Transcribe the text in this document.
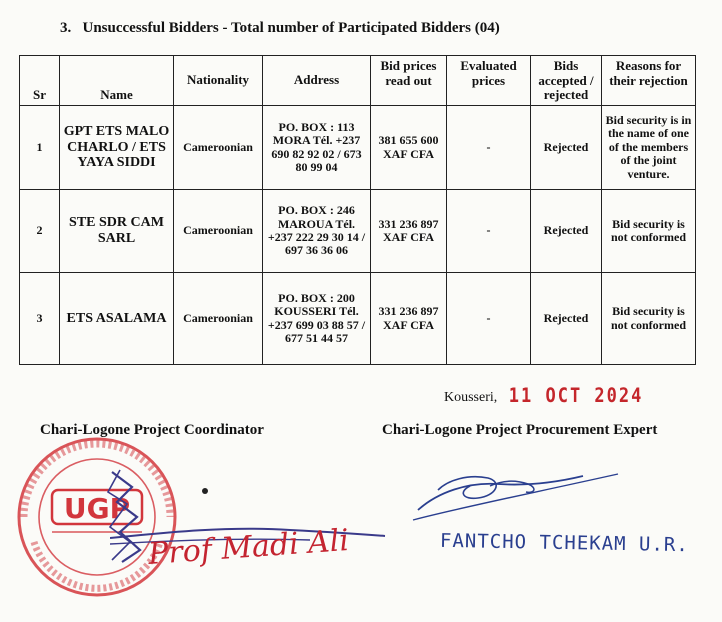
3. Unsuccessful Bidders - Total number of Participated Bidders (04)
Sr	Name	Nationality	Address	Bid prices read out	Evaluated prices	Bids accepted / rejected	Reasons for their rejection
1	GPT ETS MALO CHARLO / ETS YAYA SIDDI	Cameroonian	PO. BOX : 113 MORA Tél. +237 690 82 92 02 / 673 80 99 04	381 655 600 XAF CFA	-	Rejected	Bid security is in the name of one of the members of the joint venture.
2	STE SDR CAM SARL	Cameroonian	PO. BOX : 246 MAROUA Tél. +237 222 29 30 14 / 697 36 36 06	331 236 897 XAF CFA	-	Rejected	Bid security is not conformed
3	ETS ASALAMA	Cameroonian	PO. BOX : 200 KOUSSERI Tél. +237 699 03 88 57 / 677 51 44 57	331 236 897 XAF CFA	-	Rejected	Bid security is not conformed
Kousseri, 11 OCT 2024
Chari-Logone Project Coordinator	Chari-Logone Project Procurement Expert
UGP
Prof Madi Ali	FANTCHO TCHEKAM U.R.
